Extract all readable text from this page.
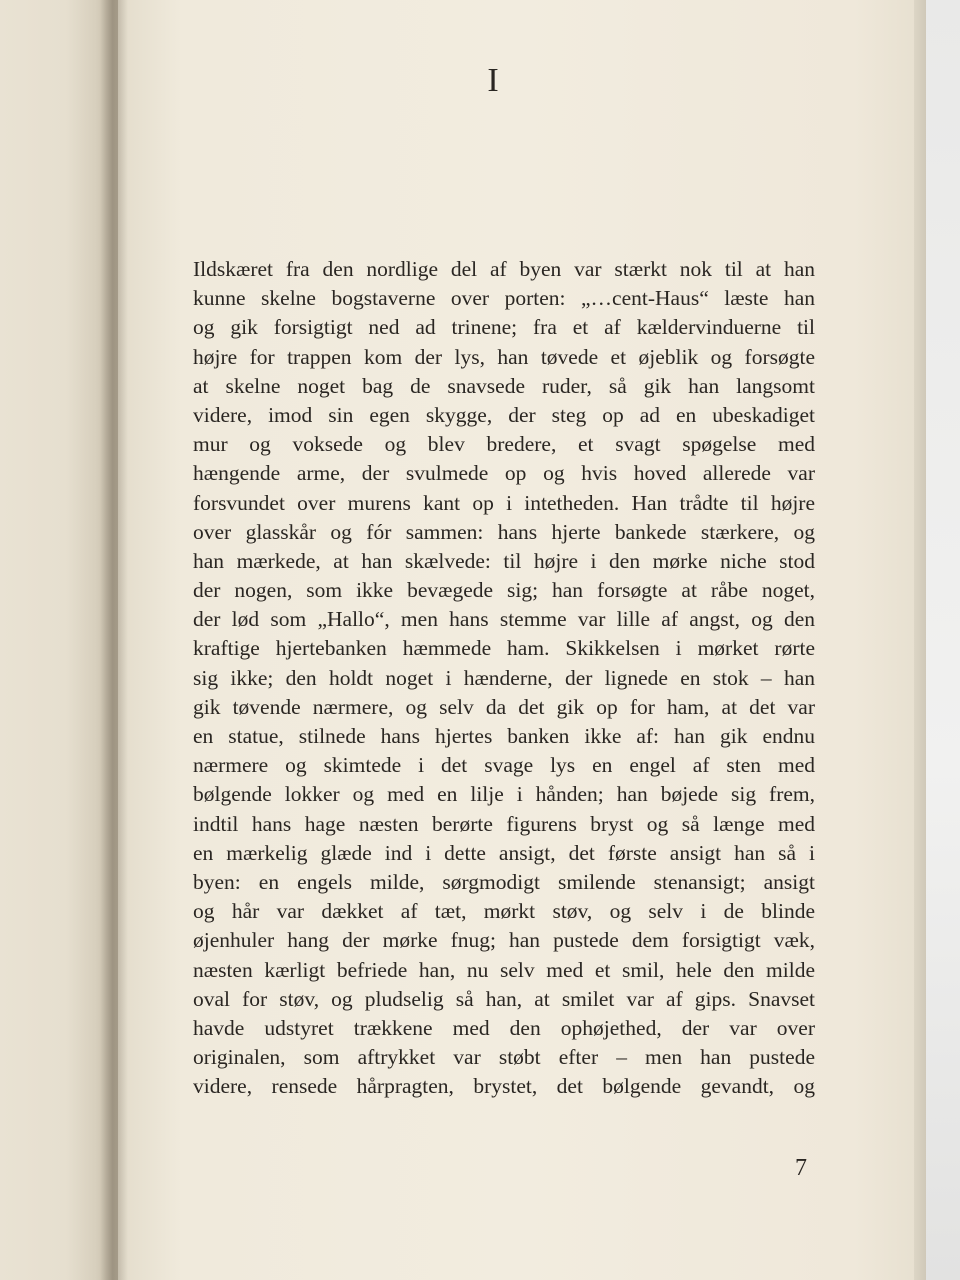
I
Ildskæret fra den nordlige del af byen var stærkt nok til at han
kunne skelne bogstaverne over porten: „…cent-Haus“ læste han
og gik forsigtigt ned ad trinene; fra et af kældervinduerne til
højre for trappen kom der lys, han tøvede et øjeblik og forsøgte
at skelne noget bag de snavsede ruder, så gik han langsomt
videre, imod sin egen skygge, der steg op ad en ubeskadiget
mur og voksede og blev bredere, et svagt spøgelse med
hængende arme, der svulmede op og hvis hoved allerede var
forsvundet over murens kant op i intetheden. Han trådte til højre
over glasskår og fór sammen: hans hjerte bankede stærkere, og
han mærkede, at han skælvede: til højre i den mørke niche stod
der nogen, som ikke bevægede sig; han forsøgte at råbe noget,
der lød som „Hallo“, men hans stemme var lille af angst, og den
kraftige hjertebanken hæmmede ham. Skikkelsen i mørket rørte
sig ikke; den holdt noget i hænderne, der lignede en stok – han
gik tøvende nærmere, og selv da det gik op for ham, at det var
en statue, stilnede hans hjertes banken ikke af: han gik endnu
nærmere og skimtede i det svage lys en engel af sten med
bølgende lokker og med en lilje i hånden; han bøjede sig frem,
indtil hans hage næsten berørte figurens bryst og så længe med
en mærkelig glæde ind i dette ansigt, det første ansigt han så i
byen: en engels milde, sørgmodigt smilende stenansigt; ansigt
og hår var dækket af tæt, mørkt støv, og selv i de blinde
øjenhuler hang der mørke fnug; han pustede dem forsigtigt væk,
næsten kærligt befriede han, nu selv med et smil, hele den milde
oval for støv, og pludselig så han, at smilet var af gips. Snavset
havde udstyret trækkene med den ophøjethed, der var over
originalen, som aftrykket var støbt efter – men han pustede
videre, rensede hårpragten, brystet, det bølgende gevandt, og
7
